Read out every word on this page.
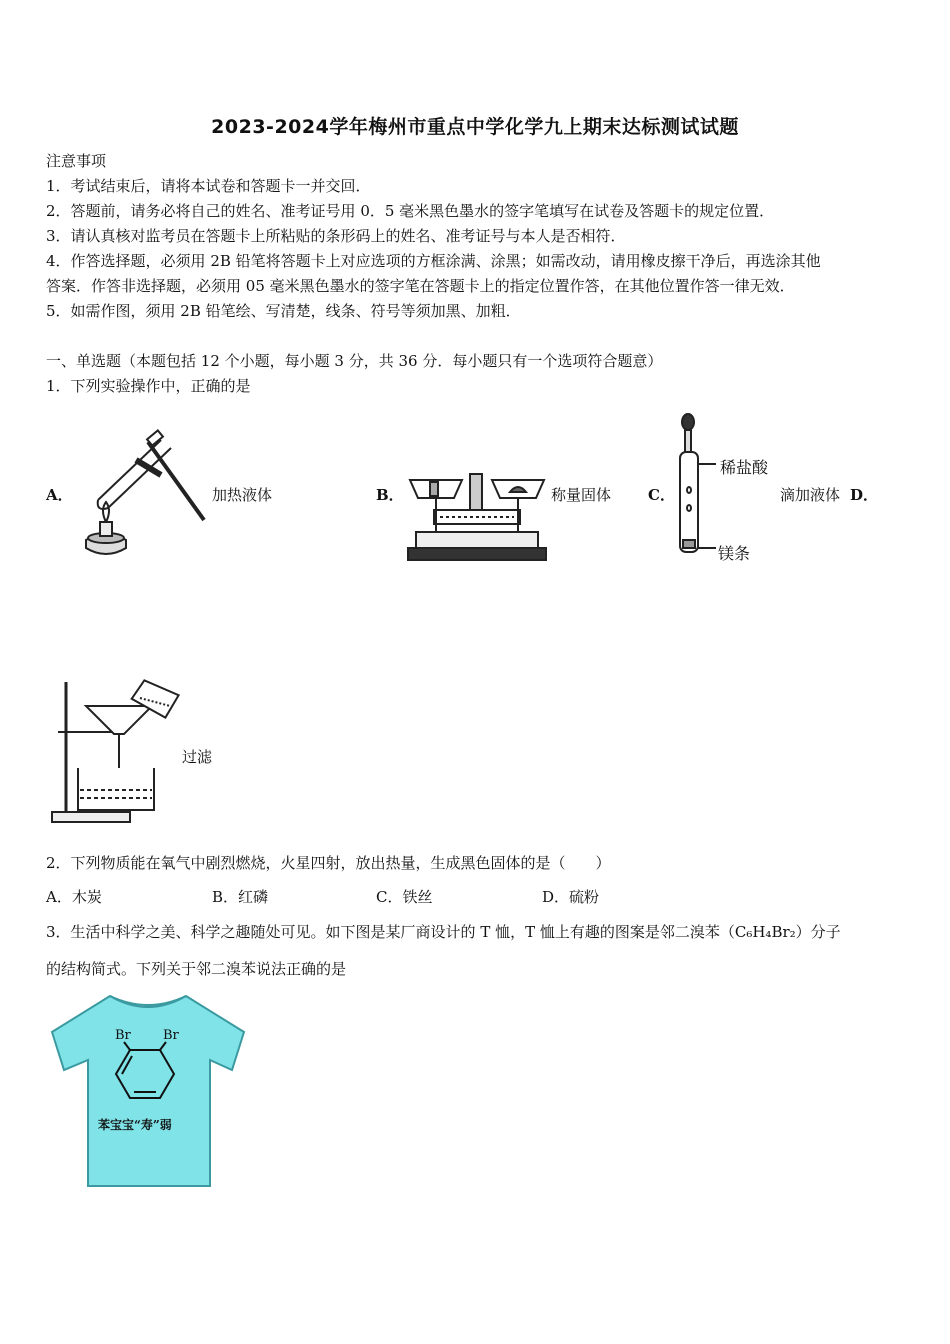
2023-2024学年梅州市重点中学化学九上期末达标测试试题
注意事项
1．考试结束后，请将本试卷和答题卡一并交回．
2．答题前，请务必将自己的姓名、准考证号用 0．5 毫米黑色墨水的签字笔填写在试卷及答题卡的规定位置．
3．请认真核对监考员在答题卡上所粘贴的条形码上的姓名、准考证号与本人是否相符．
4．作答选择题，必须用 2B 铅笔将答题卡上对应选项的方框涂满、涂黑；如需改动，请用橡皮擦干净后，再选涂其他
答案．作答非选择题，必须用 05 毫米黑色墨水的签字笔在答题卡上的指定位置作答，在其他位置作答一律无效．
5．如需作图，须用 2B 铅笔绘、写清楚，线条、符号等须加黑、加粗．
一、单选题（本题包括 12 个小题，每小题 3 分，共 36 分．每小题只有一个选项符合题意）
1．下列实验操作中，正确的是
A．	加热液体	B．	称量固体 C．
稀盐酸
镁条
滴加液体 D．
过滤
2．下列物质能在氧气中剧烈燃烧，火星四射，放出热量，生成黑色固体的是（　　）
A．木炭	B．红磷	C．铁丝	D．硫粉
3．生活中科学之美、科学之趣随处可见。如下图是某厂商设计的 T 恤，T 恤上有趣的图案是邻二溴苯（C₆H₄Br₂）分子
的结构简式。下列关于邻二溴苯说法正确的是
Br Br
苯宝宝“寿”弱
